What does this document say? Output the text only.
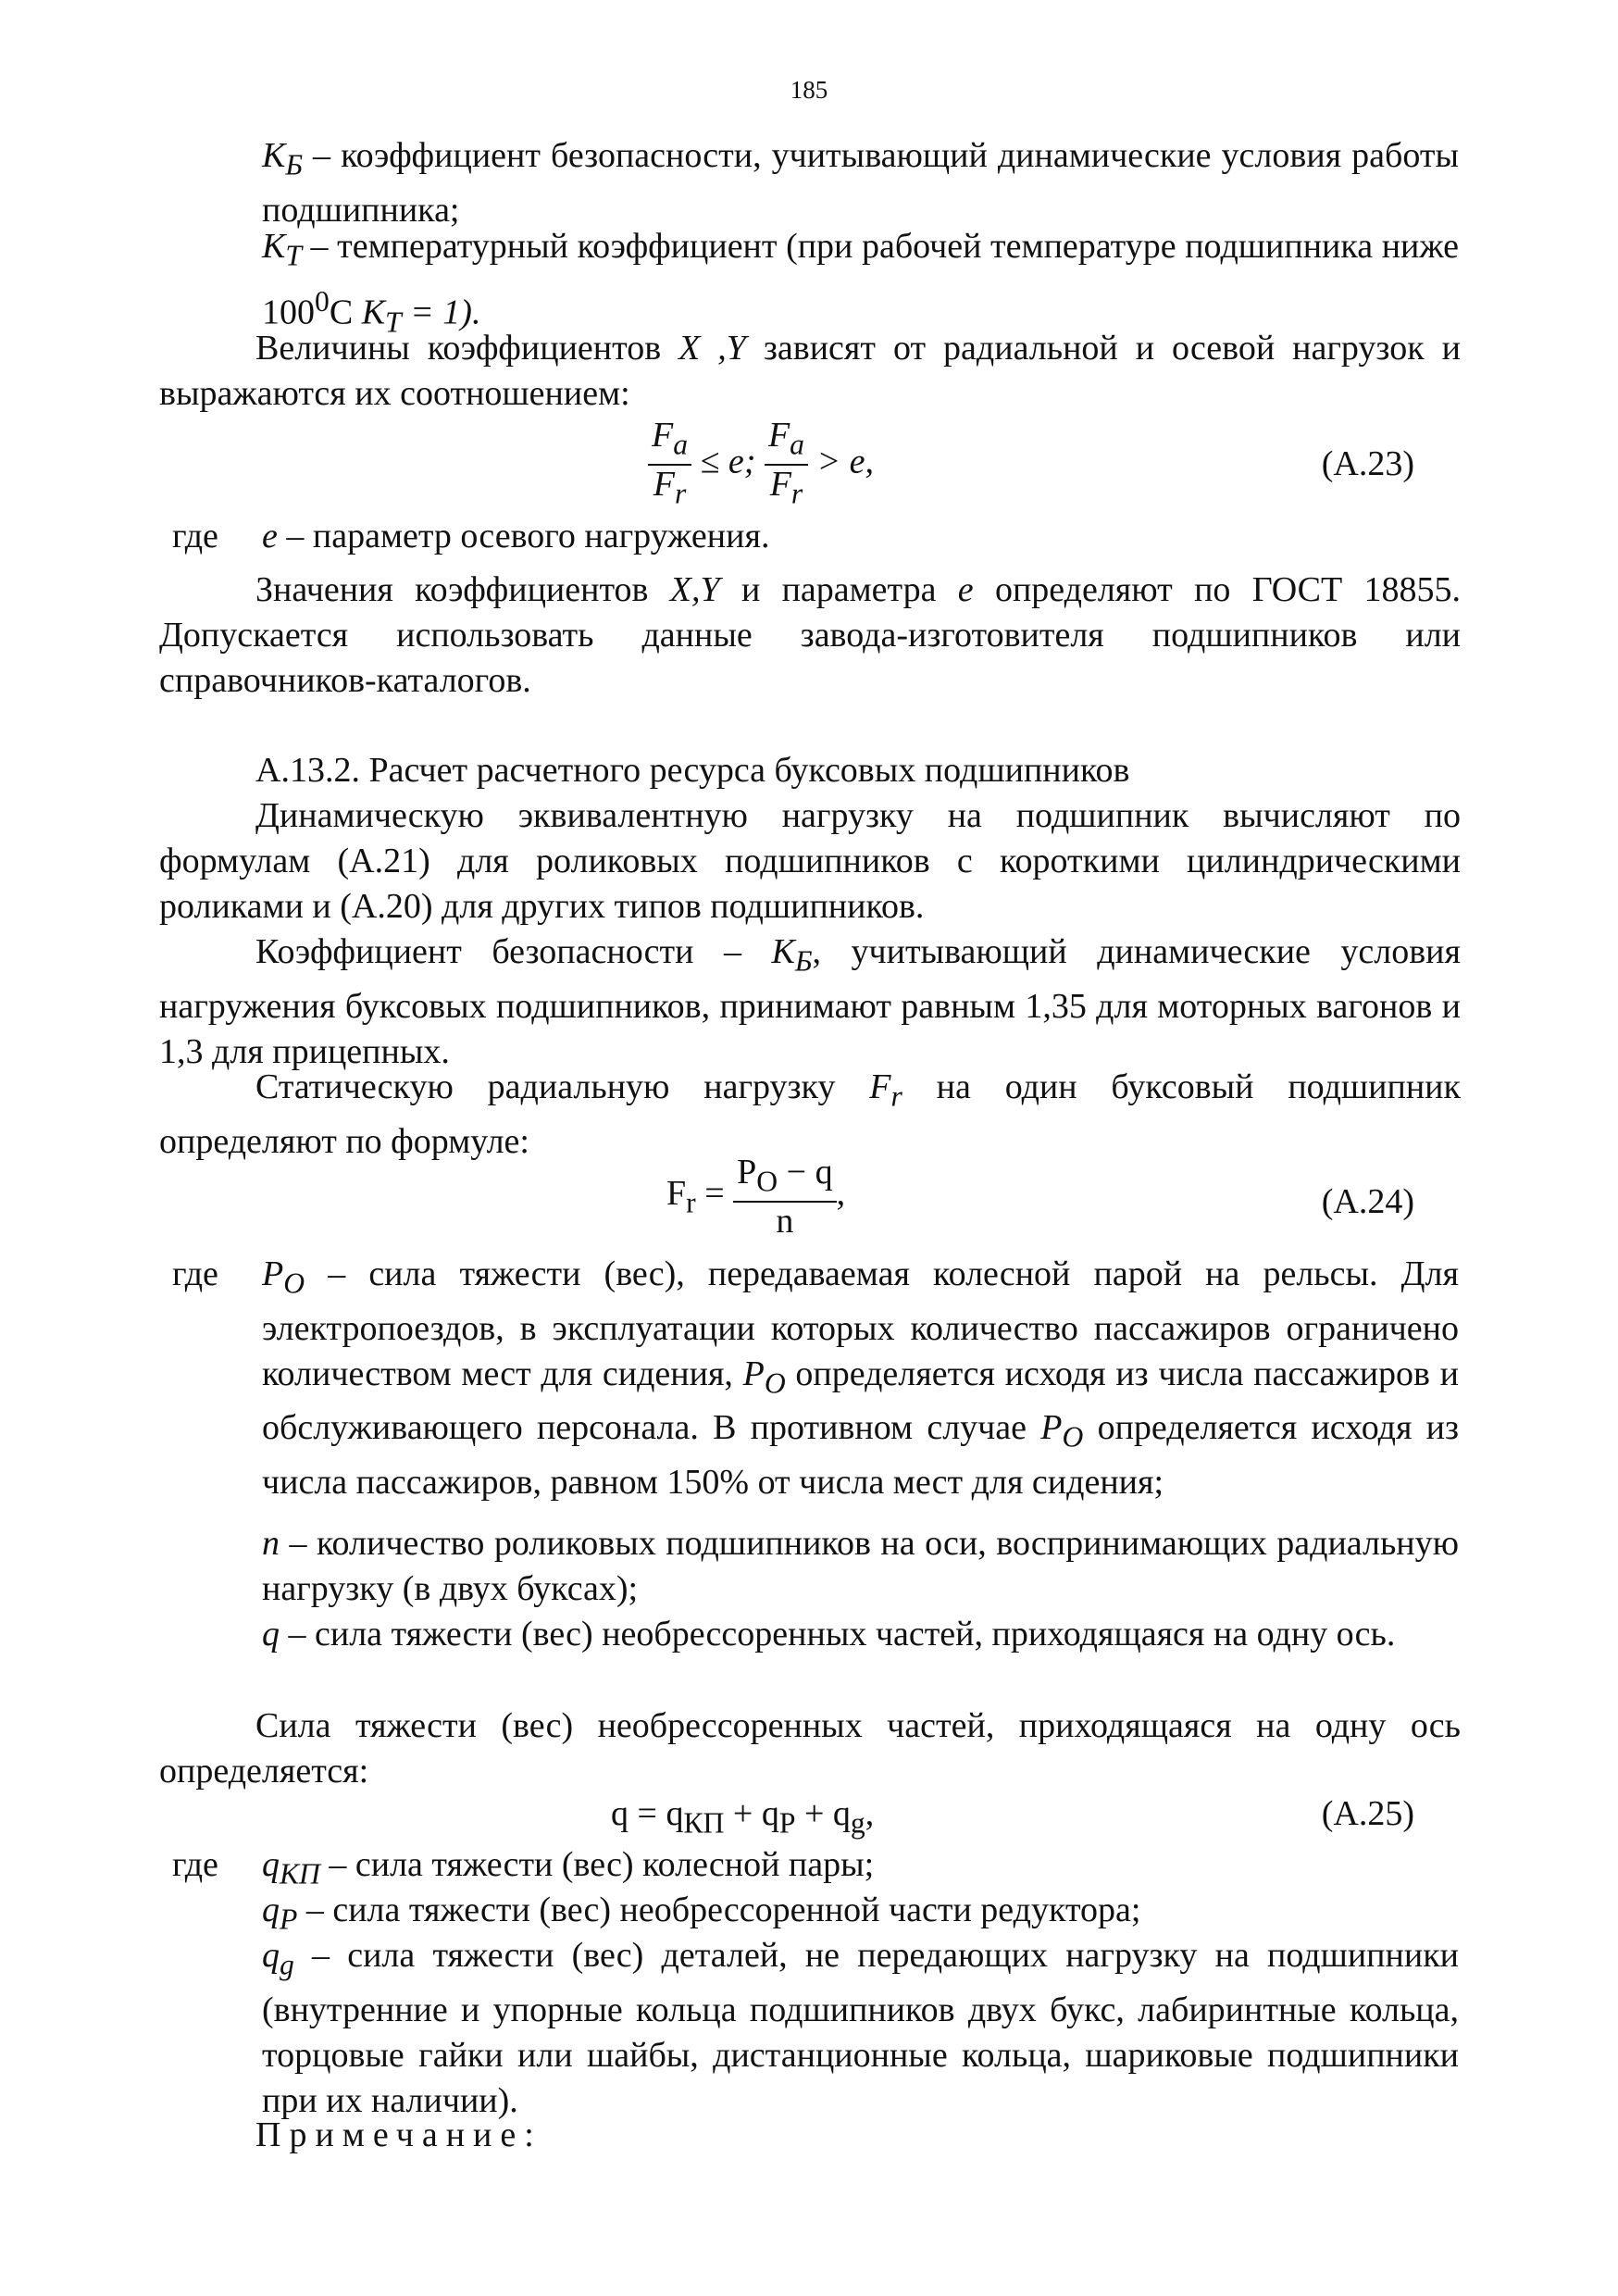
185
$K_Б$ – коэффициент безопасности, учитывающий динамические условия работы подшипника;
$K_T$ – температурный коэффициент (при рабочей температуре подшипника ниже $100^0C$ $K_T = 1$).
Величины коэффициентов X ,Y зависят от радиальной и осевой нагрузок и выражаются их соотношением:
$\frac{F_a}{F_r} \le e$; $\frac{F_a}{F_r} > e$,	(A.23)
где e – параметр осевого нагружения.
Значения коэффициентов X,Y и параметра e определяют по ГОСТ 18855. Допускается использовать данные завода-изготовителя подшипников или справочников-каталогов.
A.13.2. Расчет расчетного ресурса буксовых подшипников
Динамическую эквивалентную нагрузку на подшипник вычисляют по формулам (A.21) для роликовых подшипников с короткими цилиндрическими роликами и (A.20) для других типов подшипников.
Коэффициент безопасности – $K_Б$, учитывающий динамические условия нагружения буксовых подшипников, принимают равным 1,35 для моторных вагонов и 1,3 для прицепных.
Статическую радиальную нагрузку $F_r$ на один буксовый подшипник определяют по формуле:
$F_r = \frac{P_O - q}{n}$ ,	(A.24)
где $P_O$ – сила тяжести (вес), передаваемая колесной парой на рельсы. Для электропоездов, в эксплуатации которых количество пассажиров ограничено количеством мест для сидения, $P_O$ определяется исходя из числа пассажиров и обслуживающего персонала. В противном случае $P_O$ определяется исходя из числа пассажиров, равном 150% от числа мест для сидения;
n – количество роликовых подшипников на оси, воспринимающих радиальную нагрузку (в двух буксах);
q – сила тяжести (вес) необрессоренных частей, приходящаяся на одну ось.
Сила тяжести (вес) необрессоренных частей, приходящаяся на одну ось определяется:
$q = q_{КП} + q_P + q_g$,	(A.25)
где $q_{КП}$ – сила тяжести (вес) колесной пары;
$q_P$ – сила тяжести (вес) необрессоренной части редуктора;
$q_g$ – сила тяжести (вес) деталей, не передающих нагрузку на подшипники (внутренние и упорные кольца подшипников двух букс, лабиринтные кольца, торцовые гайки или шайбы, дистанционные кольца, шариковые подшипники при их наличии).
Примечание:
